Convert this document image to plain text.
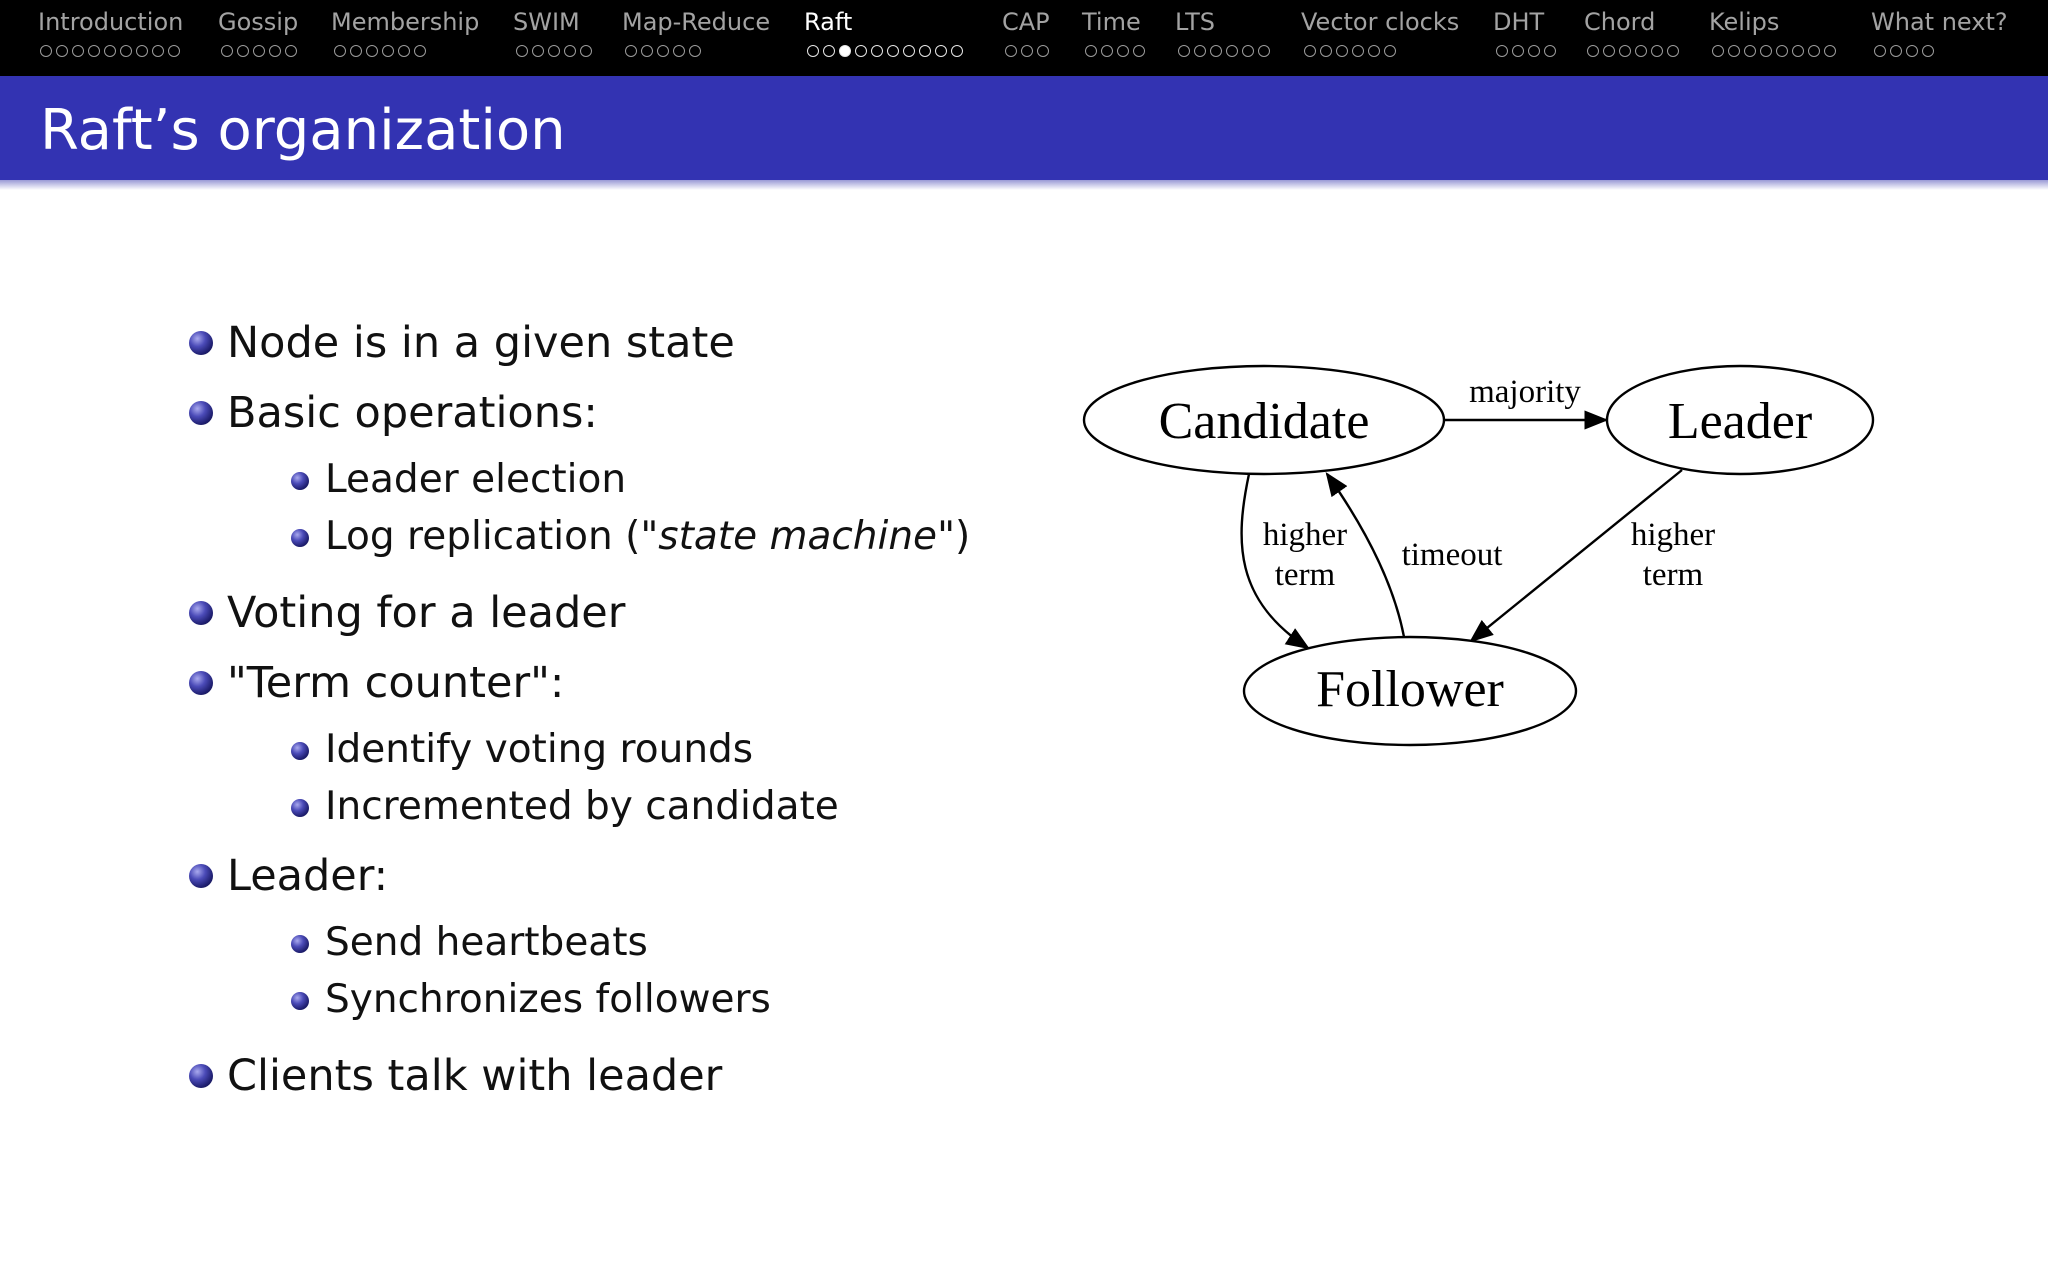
Introduction Gossip Membership SWIM Map-Reduce Raft	CAP Time LTS	Vector clocks DHT Chord Kelips	What next?
Raft’s organization
Node is in a given state
Basic operations:
Leader election
Log replication ("state machine")
Voting for a leader
"Term counter":
Identify voting rounds
Incremented by candidate
Leader:
Send heartbeats
Synchronizes followers
Clients talk with leader
Candidate	Leader
Follower
majority
higher
term
timeout
higher
term
